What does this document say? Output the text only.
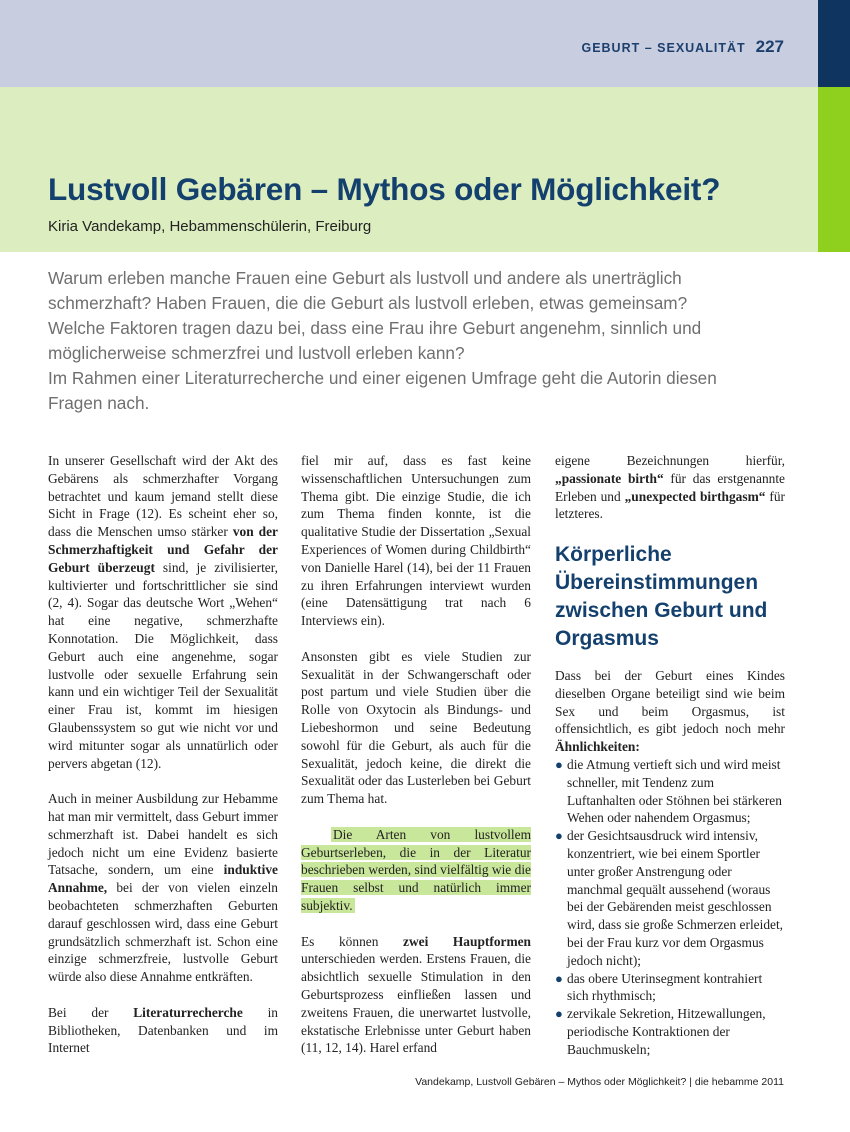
GEBURT – SEXUALITÄT 227
Lustvoll Gebären – Mythos oder Möglichkeit?
Kiria Vandekamp, Hebammenschülerin, Freiburg

Warum erleben manche Frauen eine Geburt als lustvoll und andere als unerträglich

schmerzhaft? Haben Frauen, die die Geburt als lustvoll erleben, etwas gemeinsam?

Welche Faktoren tragen dazu bei, dass eine Frau ihre Geburt angenehm, sinnlich und

möglicherweise schmerzfrei und lustvoll erleben kann?

Im Rahmen einer Literaturrecherche und einer eigenen Umfrage geht die Autorin diesen

Fragen nach.

In unserer Gesellschaft wird der Akt des Gebärens als schmerzhafter Vorgang betrachtet und kaum jemand stellt diese Sicht in Frage (12). Es scheint eher so, dass die Menschen umso stärker von der Schmerzhaftigkeit und Gefahr der Geburt überzeugt sind, je zivilisierter, kultivierter und fortschrittlicher sie sind (2, 4). Sogar das deutsche Wort „Wehen“ hat eine negative, schmerzhafte Konnotation. Die Möglichkeit, dass Geburt auch eine angenehme, sogar lustvolle oder sexuelle Erfahrung sein kann und ein wichtiger Teil der Sexualität einer Frau ist, kommt im hiesigen Glaubenssystem so gut wie nicht vor und wird mitunter sogar als unnatürlich oder pervers abgetan (12).

Auch in meiner Ausbildung zur Hebamme hat man mir vermittelt, dass Geburt immer schmerzhaft ist. Dabei handelt es sich jedoch nicht um eine Evidenz basierte Tatsache, sondern, um eine induktive Annahme, bei der von vielen einzeln beobachteten schmerzhaften Geburten darauf geschlossen wird, dass eine Geburt grundsätzlich schmerzhaft ist. Schon eine einzige schmerzfreie, lustvolle Geburt würde also diese Annahme entkräften.

Bei der Literaturrecherche in Bibliotheken, Datenbanken und im Internet

fiel mir auf, dass es fast keine wissenschaftlichen Untersuchungen zum Thema gibt. Die einzige Studie, die ich zum Thema finden konnte, ist die qualitative Studie der Dissertation „Sexual Experiences of Women during Childbirth“ von Danielle Harel (14), bei der 11 Frauen zu ihren Erfahrungen interviewt wurden (eine Datensättigung trat nach 6 Interviews ein).

Ansonsten gibt es viele Studien zur Sexualität in der Schwangerschaft oder post partum und viele Studien über die Rolle von Oxytocin als Bindungs- und Liebeshormon und seine Bedeutung sowohl für die Geburt, als auch für die Sexualität, jedoch keine, die direkt die Sexualität oder das Lusterleben bei Geburt zum Thema hat.

Die Arten von lustvollem Geburtserleben, die in der Literatur beschrieben werden, sind vielfältig wie die Frauen selbst und natürlich immer subjektiv.

Es können zwei Hauptformen unterschieden werden. Erstens Frauen, die absichtlich sexuelle Stimulation in den Geburtsprozess einfließen lassen und zweitens Frauen, die unerwartet lustvolle, ekstatische Erlebnisse unter Geburt haben (11, 12, 14). Harel erfand

eigene Bezeichnungen hierfür, „passionate birth“ für das erstgenannte Erleben und „unexpected birthgasm“ für letzteres.

Körperliche Übereinstimmungen zwischen Geburt und Orgasmus

Dass bei der Geburt eines Kindes dieselben Organe beteiligt sind wie beim Sex und beim Orgasmus, ist offensichtlich, es gibt jedoch noch mehr Ähnlichkeiten:

● die Atmung vertieft sich und wird meist schneller, mit Tendenz zum Luftanhalten oder Stöhnen bei stärkeren Wehen oder nahendem Orgasmus;
● der Gesichtsausdruck wird intensiv, konzentriert, wie bei einem Sportler unter großer Anstrengung oder manchmal gequält aussehend (woraus bei der Gebärenden meist geschlossen wird, dass sie große Schmerzen erleidet, bei der Frau kurz vor dem Orgasmus jedoch nicht);
● das obere Uterinsegment kontrahiert sich rhythmisch;
● zervikale Sekretion, Hitzewallungen, periodische Kontraktionen der Bauchmuskeln;
Vandekamp, Lustvoll Gebären – Mythos oder Möglichkeit? | die hebamme 2011
